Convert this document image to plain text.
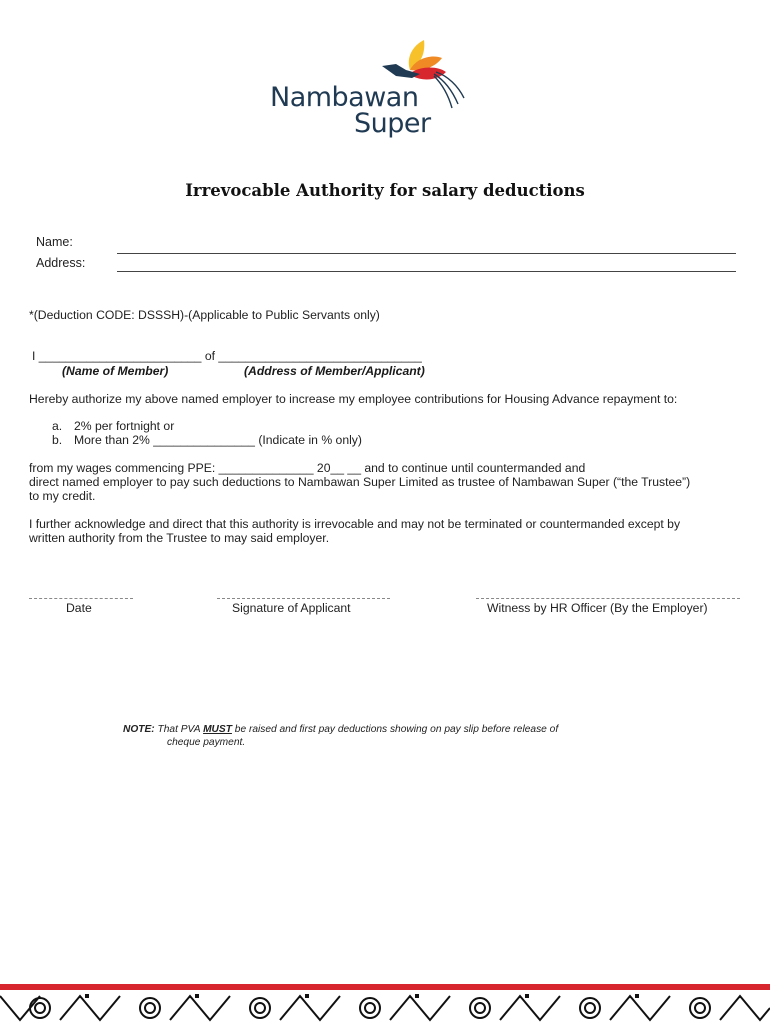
Nambawan
Super
Irrevocable Authority for salary deductions
Name:
Address:
*(Deduction CODE: DSSSH)-(Applicable to Public Servants only)
I ________________________ of ______________________________
(Name of Member)	(Address of Member/Applicant)
Hereby authorize my above named employer to increase my employee contributions for Housing Advance repayment to:
a. 2% per fortnight or
b. More than 2% _______________ (Indicate in % only)
from my wages commencing PPE: ______________ 20__ __ and to continue until countermanded and
direct named employer to pay such deductions to Nambawan Super Limited as trustee of Nambawan Super (“the Trustee”)
to my credit.
I further acknowledge and direct that this authority is irrevocable and may not be terminated or countermanded except by
written authority from the Trustee to may said employer.
Date	Signature of Applicant	Witness by HR Officer (By the Employer)
NOTE: That PVA MUST be raised and first pay deductions showing on pay slip before release of
cheque payment.
